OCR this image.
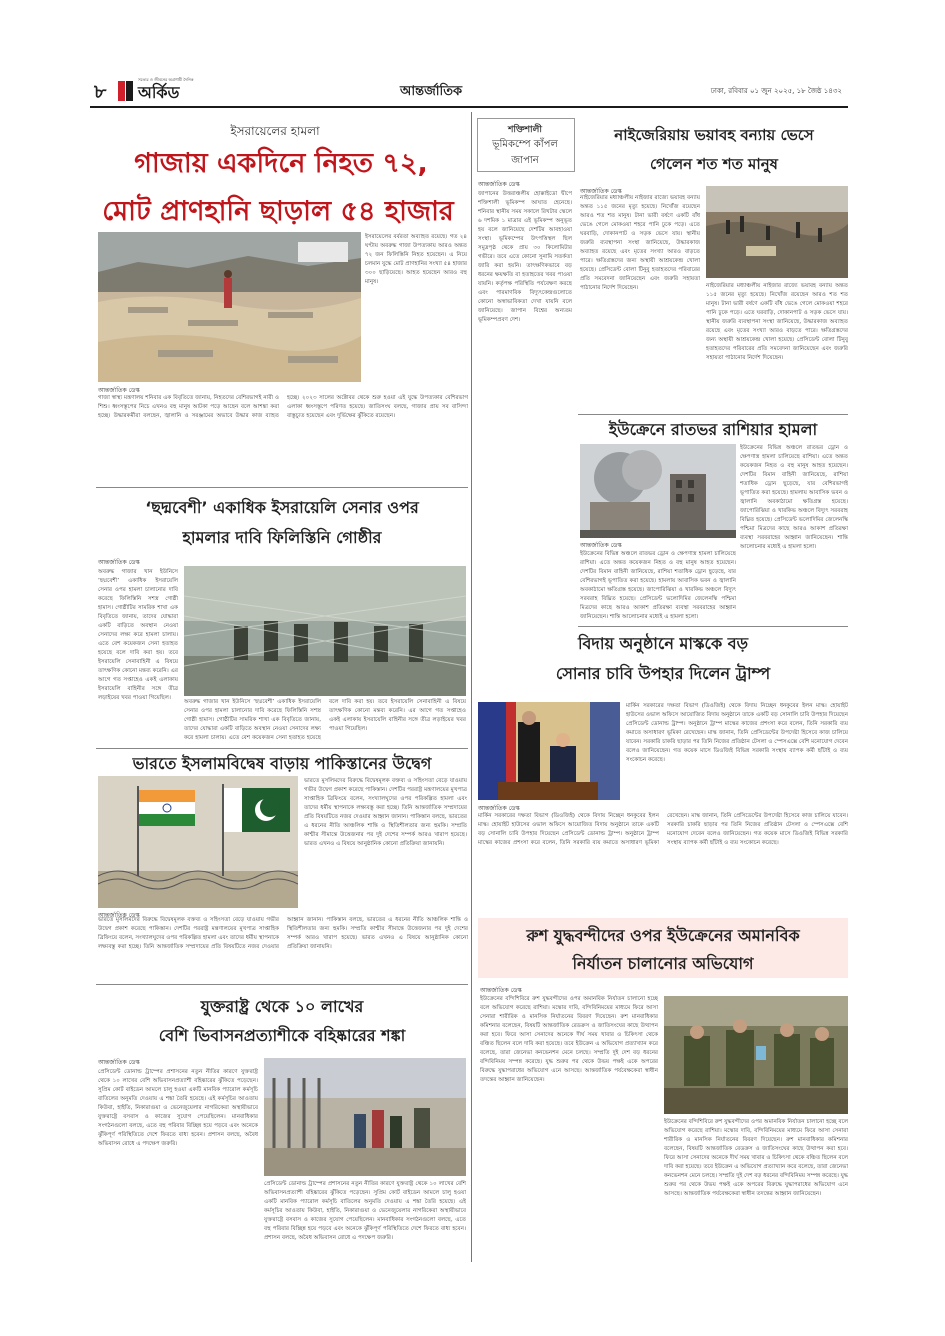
৮ অর্কিড
সত্যের ও জীবনের অগ্রগামী দৈনিক
আন্তর্জাতিক	ঢাকা, রবিবার ০১ জুন ২০২৫, ১৮ জৈষ্ঠ ১৪৩২
ইসরায়েলের হামলা
গাজায় একদিনে নিহত ৭২,
মোট প্রাণহানি ছাড়াল ৫৪ হাজার
আন্তর্জাতিক ডেস্ক
ইসরায়েলের বর্বরতা অব্যাহত রয়েছে। গত ২৪ ঘণ্টায় অবরুদ্ধ গাজা উপত্যকায় আরও অন্তত ৭২ জন ফিলিস্তিনি নিহত হয়েছেন। এ নিয়ে চলমান যুদ্ধে মোট প্রাণহানির সংখ্যা ৫৪ হাজার ৩০০ ছাড়িয়েছে। আহত হয়েছেন আরও বহু মানুষ।
গাজা স্বাস্থ্য মন্ত্রণালয় শনিবার এক বিবৃতিতে জানায়, নিহতদের বেশিরভাগই নারী ও শিশু। ধ্বংসস্তূপের নিচে এখনও বহু মানুষ আটকা পড়ে আছেন বলে আশঙ্কা করা হচ্ছে। উদ্ধারকর্মীরা বলছেন, জ্বালানি ও সরঞ্জামের অভাবে উদ্ধার কাজ ব্যাহত হচ্ছে। ২০২৩ সালের অক্টোবর থেকে শুরু হওয়া এই যুদ্ধে উপত্যকার বেশিরভাগ এলাকা ধ্বংসস্তূপে পরিণত হয়েছে। জাতিসংঘ বলছে, গাজার প্রায় সব বাসিন্দা বাস্তুচ্যুত হয়েছেন এবং দুর্ভিক্ষের ঝুঁকিতে রয়েছেন।
‘ছদ্মবেশী’ একাধিক ইসরায়েলি সেনার ওপর
হামলার দাবি ফিলিস্তিনি গোষ্ঠীর
আন্তর্জাতিক ডেস্ক
অবরুদ্ধ গাজার খান ইউনিসে ‘ছদ্মবেশী’ একাধিক ইসরায়েলি সেনার ওপর হামলা চালানোর দাবি করেছে ফিলিস্তিনি সশস্ত্র গোষ্ঠী হামাস। গোষ্ঠীটির সামরিক শাখা এক বিবৃতিতে জানায়, তাদের যোদ্ধারা একটি বাড়িতে অবস্থান নেওয়া সেনাদের লক্ষ্য করে হামলা চালায়। এতে বেশ কয়েকজন সেনা হতাহত হয়েছে বলে দাবি করা হয়। তবে ইসরায়েলি সেনাবাহিনী এ বিষয়ে তাৎক্ষণিক কোনো মন্তব্য করেনি। এর আগে গত সপ্তাহেও একই এলাকায় ইসরায়েলি বাহিনীর সঙ্গে তীব্র লড়াইয়ের খবর পাওয়া গিয়েছিল।
অবরুদ্ধ গাজার খান ইউনিসে ‘ছদ্মবেশী’ একাধিক ইসরায়েলি সেনার ওপর হামলা চালানোর দাবি করেছে ফিলিস্তিনি সশস্ত্র গোষ্ঠী হামাস। গোষ্ঠীটির সামরিক শাখা এক বিবৃতিতে জানায়, তাদের যোদ্ধারা একটি বাড়িতে অবস্থান নেওয়া সেনাদের লক্ষ্য করে হামলা চালায়। এতে বেশ কয়েকজন সেনা হতাহত হয়েছে বলে দাবি করা হয়। তবে ইসরায়েলি সেনাবাহিনী এ বিষয়ে তাৎক্ষণিক কোনো মন্তব্য করেনি। এর আগে গত সপ্তাহেও একই এলাকায় ইসরায়েলি বাহিনীর সঙ্গে তীব্র লড়াইয়ের খবর পাওয়া গিয়েছিল।
ভারতে ইসলামবিদ্বেষ বাড়ায় পাকিস্তানের উদ্বেগ
ভারতে মুসলিমদের বিরুদ্ধে বিদ্বেষমূলক বক্তব্য ও সহিংসতা বেড়ে যাওয়ায় গভীর উদ্বেগ প্রকাশ করেছে পাকিস্তান। দেশটির পররাষ্ট্র মন্ত্রণালয়ের মুখপাত্র সাপ্তাহিক ব্রিফিংয়ে বলেন, সংখ্যালঘুদের ওপর পরিকল্পিত হামলা এবং তাদের ধর্মীয় স্থাপনাকে লক্ষ্যবস্তু করা হচ্ছে। তিনি আন্তর্জাতিক সম্প্রদায়ের প্রতি বিষয়টিতে নজর দেওয়ার আহ্বান জানান। পাকিস্তান বলছে, ভারতের এ ধরনের নীতি আঞ্চলিক শান্তি ও স্থিতিশীলতার জন্য হুমকি। সম্প্রতি কাশ্মীর সীমান্তে উত্তেজনার পর দুই দেশের সম্পর্ক আরও খারাপ হয়েছে। ভারত এখনও এ বিষয়ে আনুষ্ঠানিক কোনো প্রতিক্রিয়া জানায়নি।
আন্তর্জাতিক ডেস্ক
ভারতে মুসলিমদের বিরুদ্ধে বিদ্বেষমূলক বক্তব্য ও সহিংসতা বেড়ে যাওয়ায় গভীর উদ্বেগ প্রকাশ করেছে পাকিস্তান। দেশটির পররাষ্ট্র মন্ত্রণালয়ের মুখপাত্র সাপ্তাহিক ব্রিফিংয়ে বলেন, সংখ্যালঘুদের ওপর পরিকল্পিত হামলা এবং তাদের ধর্মীয় স্থাপনাকে লক্ষ্যবস্তু করা হচ্ছে। তিনি আন্তর্জাতিক সম্প্রদায়ের প্রতি বিষয়টিতে নজর দেওয়ার আহ্বান জানান। পাকিস্তান বলছে, ভারতের এ ধরনের নীতি আঞ্চলিক শান্তি ও স্থিতিশীলতার জন্য হুমকি। সম্প্রতি কাশ্মীর সীমান্তে উত্তেজনার পর দুই দেশের সম্পর্ক আরও খারাপ হয়েছে। ভারত এখনও এ বিষয়ে আনুষ্ঠানিক কোনো প্রতিক্রিয়া জানায়নি।
যুক্তরাষ্ট্র থেকে ১০ লাখের
বেশি ভিবাসনপ্রত্যাশীকে বহিষ্কারের শঙ্কা
আন্তর্জাতিক ডেস্ক
প্রেসিডেন্ট ডোনাল্ড ট্রাম্পের প্রশাসনের নতুন নীতির কারণে যুক্তরাষ্ট্র থেকে ১০ লাখের বেশি অভিবাসনপ্রত্যাশী বহিষ্কারের ঝুঁকিতে পড়েছেন। সুপ্রিম কোর্ট বাইডেন আমলে চালু হওয়া একটি মানবিক প্যারোল কর্মসূচি বাতিলের অনুমতি দেওয়ায় এ শঙ্কা তৈরি হয়েছে। এই কর্মসূচির আওতায় কিউবা, হাইতি, নিকারাগুয়া ও ভেনেজুয়েলার নাগরিকেরা অস্থায়ীভাবে যুক্তরাষ্ট্রে বসবাস ও কাজের সুযোগ পেয়েছিলেন। মানবাধিকার সংগঠনগুলো বলছে, এতে বহু পরিবার বিচ্ছিন্ন হয়ে পড়বে এবং অনেকে ঝুঁকিপূর্ণ পরিস্থিতিতে দেশে ফিরতে বাধ্য হবেন। প্রশাসন বলছে, অবৈধ অভিবাসন রোধে এ পদক্ষেপ জরুরি।
প্রেসিডেন্ট ডোনাল্ড ট্রাম্পের প্রশাসনের নতুন নীতির কারণে যুক্তরাষ্ট্র থেকে ১০ লাখের বেশি অভিবাসনপ্রত্যাশী বহিষ্কারের ঝুঁকিতে পড়েছেন। সুপ্রিম কোর্ট বাইডেন আমলে চালু হওয়া একটি মানবিক প্যারোল কর্মসূচি বাতিলের অনুমতি দেওয়ায় এ শঙ্কা তৈরি হয়েছে। এই কর্মসূচির আওতায় কিউবা, হাইতি, নিকারাগুয়া ও ভেনেজুয়েলার নাগরিকেরা অস্থায়ীভাবে যুক্তরাষ্ট্রে বসবাস ও কাজের সুযোগ পেয়েছিলেন। মানবাধিকার সংগঠনগুলো বলছে, এতে বহু পরিবার বিচ্ছিন্ন হয়ে পড়বে এবং অনেকে ঝুঁকিপূর্ণ পরিস্থিতিতে দেশে ফিরতে বাধ্য হবেন। প্রশাসন বলছে, অবৈধ অভিবাসন রোধে এ পদক্ষেপ জরুরি।
শক্তিশালী
ভূমিকম্পে কাঁপল
জাপান
আন্তর্জাতিক ডেস্ক
জাপানের উত্তরাঞ্চলীয় হোক্কাইডো দ্বীপে শক্তিশালী ভূমিকম্প আঘাত হেনেছে। শনিবার স্থানীয় সময় সকালে রিখটার স্কেলে ৬ দশমিক ১ মাত্রার এই ভূমিকম্প অনুভূত হয় বলে জানিয়েছে দেশটির আবহাওয়া সংস্থা। ভূমিকম্পের উৎপত্তিস্থল ছিল সমুদ্রপৃষ্ঠ থেকে প্রায় ৩০ কিলোমিটার গভীরে। তবে এতে কোনো সুনামি সতর্কতা জারি করা হয়নি। তাৎক্ষণিকভাবে বড় ধরনের ক্ষয়ক্ষতি বা হতাহতের খবর পাওয়া যায়নি। কর্তৃপক্ষ পরিস্থিতি পর্যবেক্ষণ করছে এবং পারমাণবিক বিদ্যুৎকেন্দ্রগুলোতে কোনো অস্বাভাবিকতা দেখা যায়নি বলে জানিয়েছে। জাপান বিশ্বের অন্যতম ভূমিকম্পপ্রবণ দেশ।
নাইজেরিয়ায় ভয়াবহ বন্যায় ভেসে
গেলেন শত শত মানুষ
আন্তর্জাতিক ডেস্ক
নাইজেরিয়ার মধ্যাঞ্চলীয় নাইজার রাজ্যে ভয়াবহ বন্যায় অন্তত ১১৫ জনের মৃত্যু হয়েছে। নিখোঁজ রয়েছেন আরও শত শত মানুষ। টানা ভারী বর্ষণে একটি বাঁধ ভেঙে গেলে মোকওয়া শহরে পানি ঢুকে পড়ে। এতে ঘরবাড়ি, দোকানপাট ও সড়ক ভেসে যায়। স্থানীয় জরুরি ব্যবস্থাপনা সংস্থা জানিয়েছে, উদ্ধারকাজ অব্যাহত রয়েছে এবং মৃতের সংখ্যা আরও বাড়তে পারে। ক্ষতিগ্রস্তদের জন্য অস্থায়ী আশ্রয়কেন্দ্র খোলা হয়েছে। প্রেসিডেন্ট বোলা টিনুবু হতাহতদের পরিবারের প্রতি সমবেদনা জানিয়েছেন এবং জরুরি সহায়তা পাঠানোর নির্দেশ দিয়েছেন।	নাইজেরিয়ার মধ্যাঞ্চলীয় নাইজার রাজ্যে ভয়াবহ বন্যায় অন্তত ১১৫ জনের মৃত্যু হয়েছে। নিখোঁজ রয়েছেন আরও শত শত মানুষ। টানা ভারী বর্ষণে একটি বাঁধ ভেঙে গেলে মোকওয়া শহরে পানি ঢুকে পড়ে। এতে ঘরবাড়ি, দোকানপাট ও সড়ক ভেসে যায়। স্থানীয় জরুরি ব্যবস্থাপনা সংস্থা জানিয়েছে, উদ্ধারকাজ অব্যাহত রয়েছে এবং মৃতের সংখ্যা আরও বাড়তে পারে। ক্ষতিগ্রস্তদের জন্য অস্থায়ী আশ্রয়কেন্দ্র খোলা হয়েছে। প্রেসিডেন্ট বোলা টিনুবু হতাহতদের পরিবারের প্রতি সমবেদনা জানিয়েছেন এবং জরুরি সহায়তা পাঠানোর নির্দেশ দিয়েছেন।
ইউক্রেনে রাতভর রাশিয়ার হামলা
আন্তর্জাতিক ডেস্ক
ইউক্রেনের বিভিন্ন অঞ্চলে রাতভর ড্রোন ও ক্ষেপণাস্ত্র হামলা চালিয়েছে রাশিয়া। এতে অন্তত কয়েকজন নিহত ও বহু মানুষ আহত হয়েছেন। দেশটির বিমান বাহিনী জানিয়েছে, রাশিয়া শতাধিক ড্রোন ছুড়েছে, যার বেশিরভাগই ভূপাতিত করা হয়েছে। হামলায় আবাসিক ভবন ও জ্বালানি অবকাঠামো ক্ষতিগ্রস্ত হয়েছে। জাপোরিঝিয়া ও খারকিভ অঞ্চলে বিদ্যুৎ সরবরাহ বিঘ্নিত হয়েছে। প্রেসিডেন্ট ভলোদিমির জেলেনস্কি পশ্চিমা মিত্রদের কাছে আরও আকাশ প্রতিরক্ষা ব্যবস্থা সরবরাহের আহ্বান জানিয়েছেন। শান্তি আলোচনার মধ্যেই এ হামলা হলো।
ইউক্রেনের বিভিন্ন অঞ্চলে রাতভর ড্রোন ও ক্ষেপণাস্ত্র হামলা চালিয়েছে রাশিয়া। এতে অন্তত কয়েকজন নিহত ও বহু মানুষ আহত হয়েছেন। দেশটির বিমান বাহিনী জানিয়েছে, রাশিয়া শতাধিক ড্রোন ছুড়েছে, যার বেশিরভাগই ভূপাতিত করা হয়েছে। হামলায় আবাসিক ভবন ও জ্বালানি অবকাঠামো ক্ষতিগ্রস্ত হয়েছে। জাপোরিঝিয়া ও খারকিভ অঞ্চলে বিদ্যুৎ সরবরাহ বিঘ্নিত হয়েছে। প্রেসিডেন্ট ভলোদিমির জেলেনস্কি পশ্চিমা মিত্রদের কাছে আরও আকাশ প্রতিরক্ষা ব্যবস্থা সরবরাহের আহ্বান জানিয়েছেন। শান্তি আলোচনার মধ্যেই এ হামলা হলো।
বিদায় অনুষ্ঠানে মাস্ককে বড়
সোনার চাবি উপহার দিলেন ট্রাম্প
আন্তর্জাতিক ডেস্ক
মার্কিন সরকারের দক্ষতা বিভাগ (ডিওজিই) থেকে বিদায় নিচ্ছেন ধনকুবের ইলন মাস্ক। হোয়াইট হাউসের ওভাল অফিসে আয়োজিত বিদায় অনুষ্ঠানে তাকে একটি বড় সোনালি চাবি উপহার দিয়েছেন প্রেসিডেন্ট ডোনাল্ড ট্রাম্প। অনুষ্ঠানে ট্রাম্প মাস্কের কাজের প্রশংসা করে বলেন, তিনি সরকারি ব্যয় কমাতে অসাধারণ ভূমিকা রেখেছেন। মাস্ক জানান, তিনি প্রেসিডেন্টের উপদেষ্টা হিসেবে কাজ চালিয়ে যাবেন। সরকারি চাকরি ছাড়ার পর তিনি নিজের প্রতিষ্ঠান টেসলা ও স্পেসএক্সে বেশি মনোযোগ দেবেন বলেও জানিয়েছেন। গত কয়েক মাসে ডিওজিই বিভিন্ন সরকারি সংস্থায় ব্যাপক কর্মী ছাঁটাই ও ব্যয় সংকোচন করেছে।
মার্কিন সরকারের দক্ষতা বিভাগ (ডিওজিই) থেকে বিদায় নিচ্ছেন ধনকুবের ইলন মাস্ক। হোয়াইট হাউসের ওভাল অফিসে আয়োজিত বিদায় অনুষ্ঠানে তাকে একটি বড় সোনালি চাবি উপহার দিয়েছেন প্রেসিডেন্ট ডোনাল্ড ট্রাম্প। অনুষ্ঠানে ট্রাম্প মাস্কের কাজের প্রশংসা করে বলেন, তিনি সরকারি ব্যয় কমাতে অসাধারণ ভূমিকা রেখেছেন। মাস্ক জানান, তিনি প্রেসিডেন্টের উপদেষ্টা হিসেবে কাজ চালিয়ে যাবেন। সরকারি চাকরি ছাড়ার পর তিনি নিজের প্রতিষ্ঠান টেসলা ও স্পেসএক্সে বেশি মনোযোগ দেবেন বলেও জানিয়েছেন। গত কয়েক মাসে ডিওজিই বিভিন্ন সরকারি সংস্থায় ব্যাপক কর্মী ছাঁটাই ও ব্যয় সংকোচন করেছে।
রুশ যুদ্ধবন্দীদের ওপর ইউক্রেনের অমানবিক
নির্যাতন চালানোর অভিযোগ
আন্তর্জাতিক ডেস্ক
ইউক্রেনের বন্দিশিবিরে রুশ যুদ্ধবন্দীদের ওপর অমানবিক নির্যাতন চালানো হচ্ছে বলে অভিযোগ করেছে রাশিয়া। মস্কোর দাবি, বন্দিবিনিময়ের মাধ্যমে ফিরে আসা সেনারা শারীরিক ও মানসিক নির্যাতনের বিবরণ দিয়েছেন। রুশ মানবাধিকার কমিশনার বলেছেন, বিষয়টি আন্তর্জাতিক রেডক্রস ও জাতিসংঘের কাছে উত্থাপন করা হবে। ফিরে আসা সেনাদের অনেকে দীর্ঘ সময় খাবার ও চিকিৎসা থেকে বঞ্চিত ছিলেন বলে দাবি করা হয়েছে। তবে ইউক্রেন এ অভিযোগ প্রত্যাখ্যান করে বলেছে, তারা জেনেভা কনভেনশন মেনে চলছে। সম্প্রতি দুই দেশ বড় ধরনের বন্দিবিনিময় সম্পন্ন করেছে। যুদ্ধ শুরুর পর থেকে উভয় পক্ষই একে অপরের বিরুদ্ধে যুদ্ধাপরাধের অভিযোগ এনে আসছে। আন্তর্জাতিক পর্যবেক্ষকেরা স্বাধীন তদন্তের আহ্বান জানিয়েছেন।
ইউক্রেনের বন্দিশিবিরে রুশ যুদ্ধবন্দীদের ওপর অমানবিক নির্যাতন চালানো হচ্ছে বলে অভিযোগ করেছে রাশিয়া। মস্কোর দাবি, বন্দিবিনিময়ের মাধ্যমে ফিরে আসা সেনারা শারীরিক ও মানসিক নির্যাতনের বিবরণ দিয়েছেন। রুশ মানবাধিকার কমিশনার বলেছেন, বিষয়টি আন্তর্জাতিক রেডক্রস ও জাতিসংঘের কাছে উত্থাপন করা হবে। ফিরে আসা সেনাদের অনেকে দীর্ঘ সময় খাবার ও চিকিৎসা থেকে বঞ্চিত ছিলেন বলে দাবি করা হয়েছে। তবে ইউক্রেন এ অভিযোগ প্রত্যাখ্যান করে বলেছে, তারা জেনেভা কনভেনশন মেনে চলছে। সম্প্রতি দুই দেশ বড় ধরনের বন্দিবিনিময় সম্পন্ন করেছে। যুদ্ধ শুরুর পর থেকে উভয় পক্ষই একে অপরের বিরুদ্ধে যুদ্ধাপরাধের অভিযোগ এনে আসছে। আন্তর্জাতিক পর্যবেক্ষকেরা স্বাধীন তদন্তের আহ্বান জানিয়েছেন।
